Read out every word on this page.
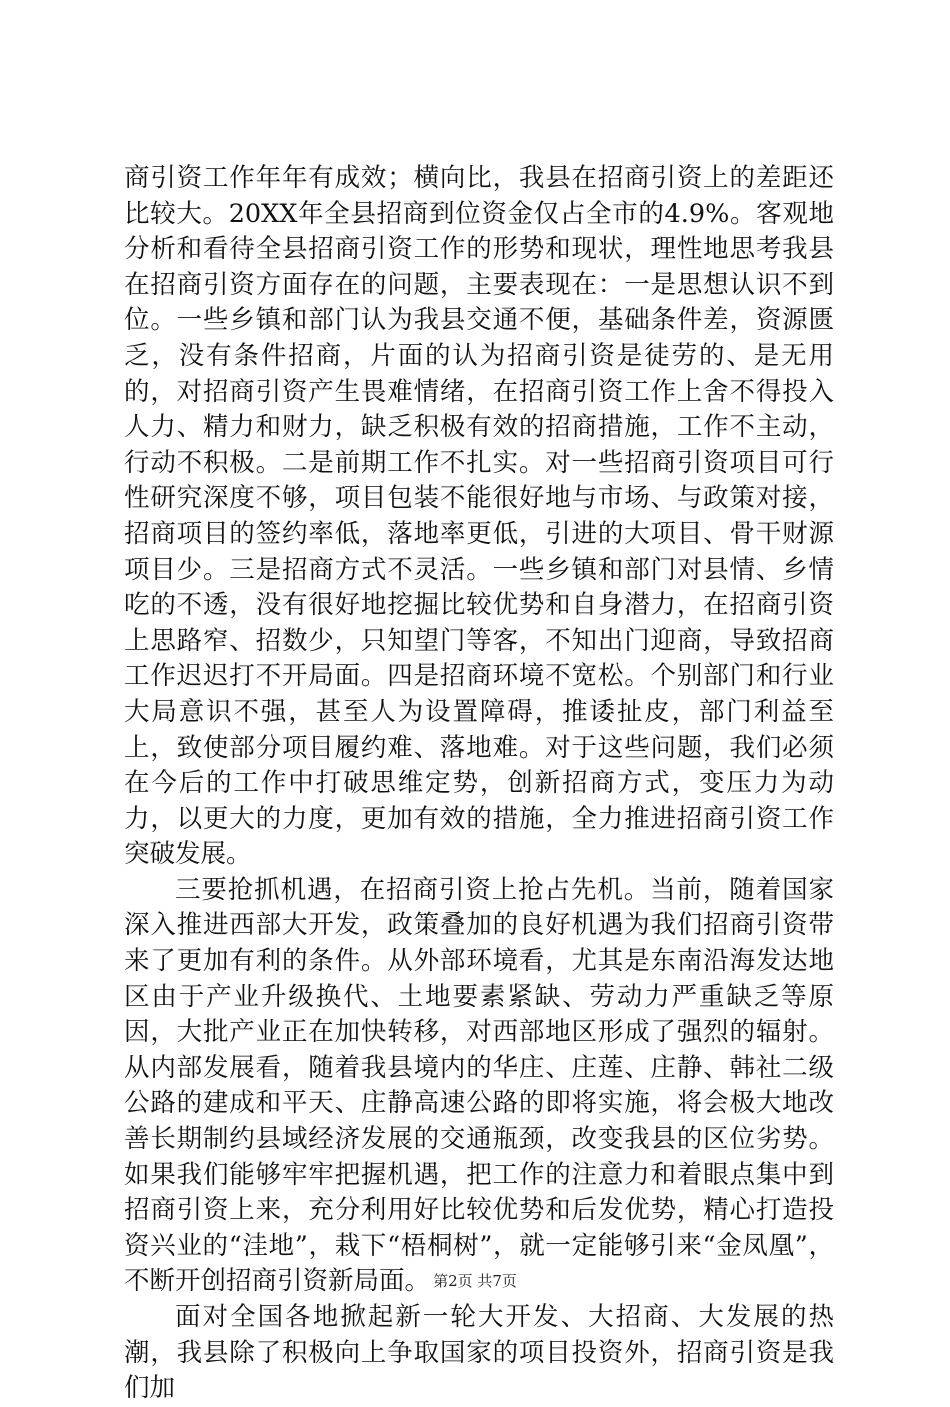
商引资工作年年有成效；横向比，我县在招商引资上的差距还比较大。20XX年全县招商到位资金仅占全市的4.9%。客观地分析和看待全县招商引资工作的形势和现状，理性地思考我县在招商引资方面存在的问题，主要表现在：一是思想认识不到位。一些乡镇和部门认为我县交通不便，基础条件差，资源匮乏，没有条件招商，片面的认为招商引资是徒劳的、是无用的，对招商引资产生畏难情绪，在招商引资工作上舍不得投入人力、精力和财力，缺乏积极有效的招商措施，工作不主动，行动不积极。二是前期工作不扎实。对一些招商引资项目可行性研究深度不够，项目包装不能很好地与市场、与政策对接，招商项目的签约率低，落地率更低，引进的大项目、骨干财源项目少。三是招商方式不灵活。一些乡镇和部门对县情、乡情吃的不透，没有很好地挖掘比较优势和自身潜力，在招商引资上思路窄、招数少，只知望门等客，不知出门迎商，导致招商工作迟迟打不开局面。四是招商环境不宽松。个别部门和行业大局意识不强，甚至人为设置障碍，推诿扯皮，部门利益至上，致使部分项目履约难、落地难。对于这些问题，我们必须在今后的工作中打破思维定势，创新招商方式，变压力为动力，以更大的力度，更加有效的措施，全力推进招商引资工作突破发展。

三要抢抓机遇，在招商引资上抢占先机。当前，随着国家深入推进西部大开发，政策叠加的良好机遇为我们招商引资带来了更加有利的条件。从外部环境看，尤其是东南沿海发达地区由于产业升级换代、土地要素紧缺、劳动力严重缺乏等原因，大批产业正在加快转移，对西部地区形成了强烈的辐射。从内部发展看，随着我县境内的华庄、庄莲、庄静、韩社二级公路的建成和平天、庄静高速公路的即将实施，将会极大地改善长期制约县域经济发展的交通瓶颈，改变我县的区位劣势。如果我们能够牢牢把握机遇，把工作的注意力和着眼点集中到招商引资上来，充分利用好比较优势和后发优势，精心打造投资兴业的“洼地”，栽下“梧桐树”，就一定能够引来“金凤凰”，不断开创招商引资新局面。

面对全国各地掀起新一轮大开发、大招商、大发展的热潮，我县除了积极向上争取国家的项目投资外，招商引资是我们加

第2页 共7页
